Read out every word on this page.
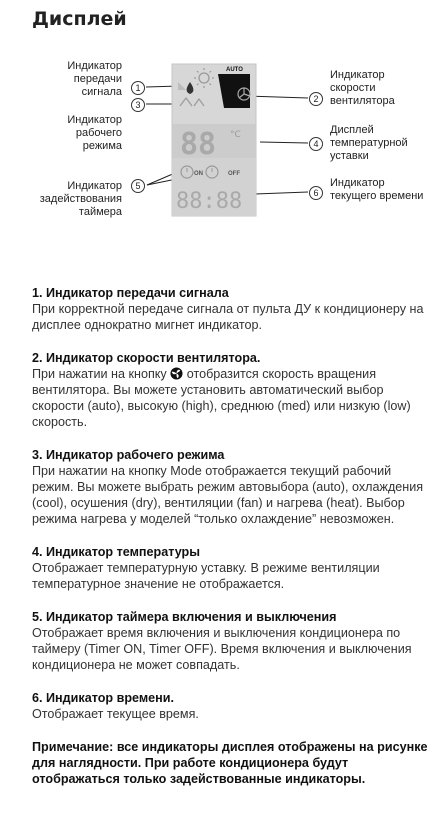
Дисплей
Индикатор
передачи
сигнала
Индикатор
рабочего
режима
Индикатор
задействования
таймера
Индикатор
скорости
вентилятора
Дисплей
температурной
уставки
Индикатор
текущего времени
1
3
5
2
4
6
AUTO
88 °C
ON	OFF
88:88
1. Индикатор передачи сигнала

При корректной передаче сигнала от пульта ДУ к кондиционеру на дисплее однократно мигнет индикатор.

2. Индикатор скорости вентилятора.

При нажатии на кнопку  отобразится скорость вращения вентилятора. Вы можете установить автоматический выбор скорости (auto), высокую (high), среднюю (med) или низкую (low) скорость.

3. Индикатор рабочего режима

При нажатии на кнопку Mode отображается текущий рабочий режим. Вы можете выбрать режим автовыбора (auto), охлаждения (cool), осушения (dry), вентиляции (fan) и нагрева (heat). Выбор режима нагрева у моделей “только охлаждение” невозможен.

4. Индикатор температуры

Отображает температурную уставку. В режиме вентиляции температурное значение не отображается.

5. Индикатор таймера включения и выключения

Отображает время включения и выключения кондиционера по таймеру (Timer ON, Timer OFF). Время включения и выключения кондиционера не может совпадать.

6. Индикатор времени.

Отображает текущее время.

Примечание: все индикаторы дисплея отображены на рисунке для наглядности. При работе кондиционера будут отображаться только задействованные индикаторы.
